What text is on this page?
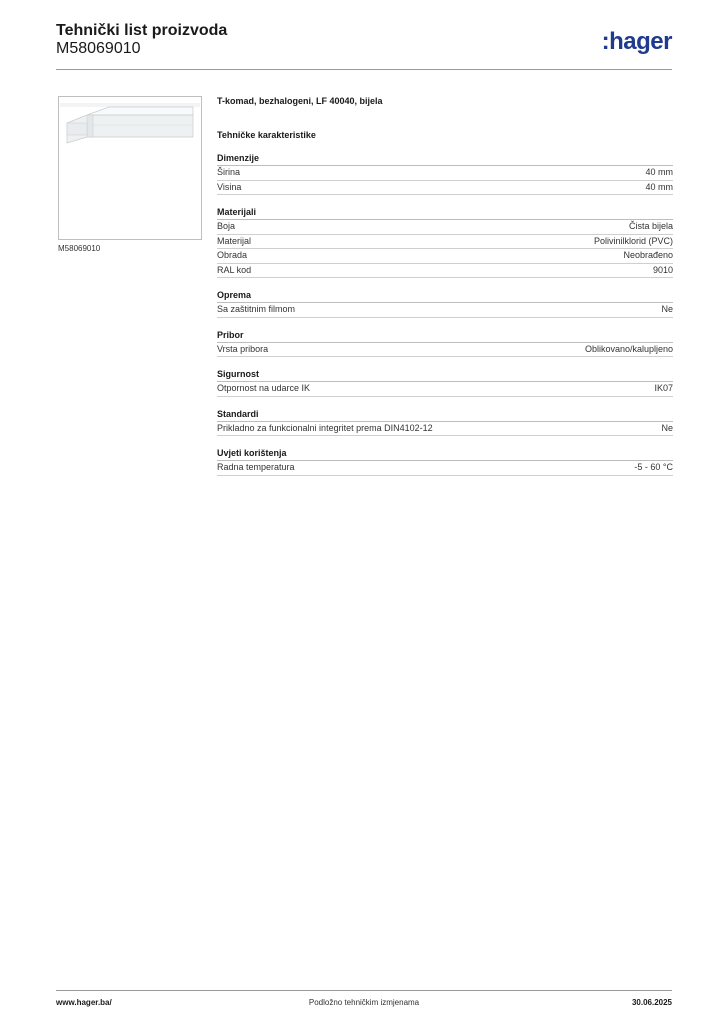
Tehnički list proizvoda
M58069010	:hager
M58069010
T-komad, bezhalogeni, LF 40040, bijela
Tehničke karakteristike
Dimenzije
Širina	40 mm
Visina	40 mm
Materijali
Boja	Čista bijela
Materijal	Polivinilklorid (PVC)
Obrada	Neobrađeno
RAL kod	9010
Oprema
Sa zaštitnim filmom	Ne
Pribor
Vrsta pribora	Oblikovano/kalupljeno
Sigurnost
Otpornost na udarce IK	IK07
Standardi
Prikladno za funkcionalni integritet prema DIN4102-12	Ne
Uvjeti korištenja
Radna temperatura	-5 - 60 °C
Podložno tehničkim izmjenama
www.hager.ba/	30.06.2025
